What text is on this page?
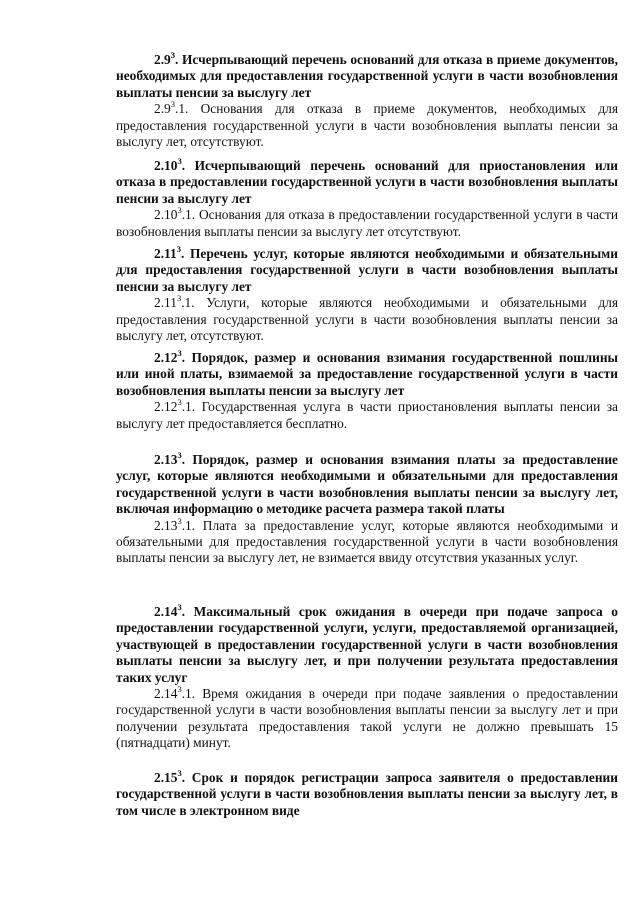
$2.9^3$. Исчерпывающий перечень оснований для отказа в приеме документов, необходимых для предоставления государственной услуги в части возобновления выплаты пенсии за выслугу лет
$2.9^3.1$. Основания для отказа в приеме документов, необходимых для предоставления государственной услуги в части возобновления выплаты пенсии за выслугу лет, отсутствуют.
2.10$^3$. Исчерпывающий перечень оснований для приостановления или отказа в предоставлении государственной услуги в части возобновления выплаты пенсии за выслугу лет
2.10$^3$.1. Основания для отказа в предоставлении государственной услуги в части возобновления выплаты пенсии за выслугу лет отсутствуют.
2.11$^3$. Перечень услуг, которые являются необходимыми и обязательными для предоставления государственной услуги в части возобновления выплаты пенсии за выслугу лет
2.11$^3$.1. Услуги, которые являются необходимыми и обязательными для предоставления государственной услуги в части возобновления выплаты пенсии за выслугу лет, отсутствуют.
2.12$^3$. Порядок, размер и основания взимания государственной пошлины или иной платы, взимаемой за предоставление государственной услуги в части возобновления выплаты пенсии за выслугу лет
2.12$^3$.1. Государственная услуга в части приостановления выплаты пенсии за выслугу лет предоставляется бесплатно.
2.13$^3$. Порядок, размер и основания взимания платы за предоставление услуг, которые являются необходимыми и обязательными для предоставления государственной услуги в части возобновления выплаты пенсии за выслугу лет, включая информацию о методике расчета размера такой платы
2.13$^3$.1. Плата за предоставление услуг, которые являются необходимыми и обязательными для предоставления государственной услуги в части возобновления выплаты пенсии за выслугу лет, не взимается ввиду отсутствия указанных услуг.
2.14$^3$. Максимальный срок ожидания в очереди при подаче запроса о предоставлении государственной услуги, услуги, предоставляемой организацией, участвующей в предоставлении государственной услуги в части возобновления выплаты пенсии за выслугу лет, и при получении результата предоставления таких услуг
2.14$^3$.1. Время ожидания в очереди при подаче заявления о предоставлении государственной услуги в части возобновления выплаты пенсии за выслугу лет и при получении результата предоставления такой услуги не должно превышать 15 (пятнадцати) минут.
2.15$^3$. Срок и порядок регистрации запроса заявителя о предоставлении государственной услуги в части возобновления выплаты пенсии за выслугу лет, в том числе в электронном виде
